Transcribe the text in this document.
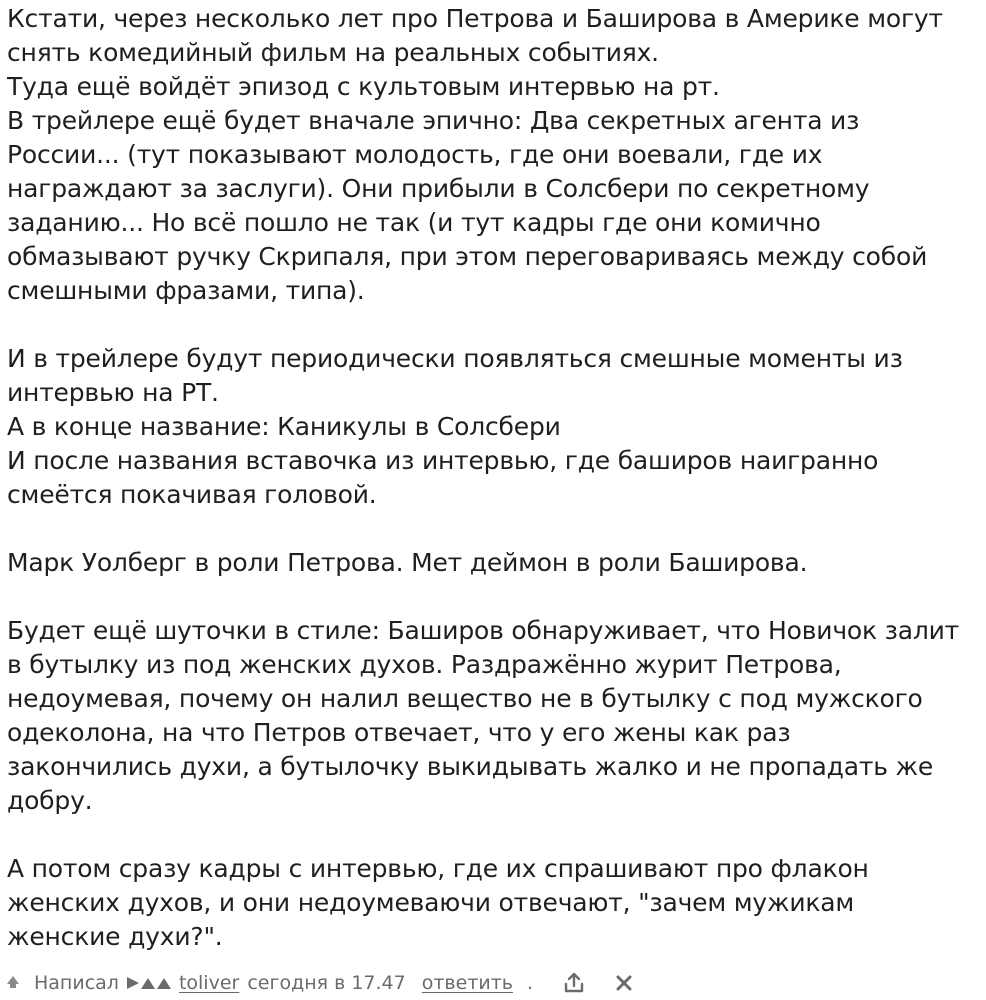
Кстати, через несколько лет про Петрова и Баширова в Америке могут
снять комедийный фильм на реальных событиях.
Туда ещё войдёт эпизод с культовым интервью на рт.
В трейлере ещё будет вначале эпично: Два секретных агента из
России... (тут показывают молодость, где они воевали, где их
награждают за заслуги). Они прибыли в Солсбери по секретному
заданию... Но всё пошло не так (и тут кадры где они комично
обмазывают ручку Скрипаля, при этом переговариваясь между собой
смешными фразами, типа).

И в трейлере будут периодически появляться смешные моменты из
интервью на РТ.
А в конце название: Каникулы в Солсбери
И после названия вставочка из интервью, где баширов наигранно
смеётся покачивая головой.

Марк Уолберг в роли Петрова. Мет деймон в роли Баширова.

Будет ещё шуточки в стиле: Баширов обнаруживает, что Новичок залит
в бутылку из под женских духов. Раздражённо журит Петрова,
недоумевая, почему он налил вещество не в бутылку с под мужского
одеколона, на что Петров отвечает, что у его жены как раз
закончились духи, а бутылочку выкидывать жалко и не пропадать же
добру.

А потом сразу кадры с интервью, где их спрашивают про флакон
женских духов, и они недоумеваючи отвечают, "зачем мужикам
женские духи?".

Написал	toliver сегодня в 17.47 ответить .
